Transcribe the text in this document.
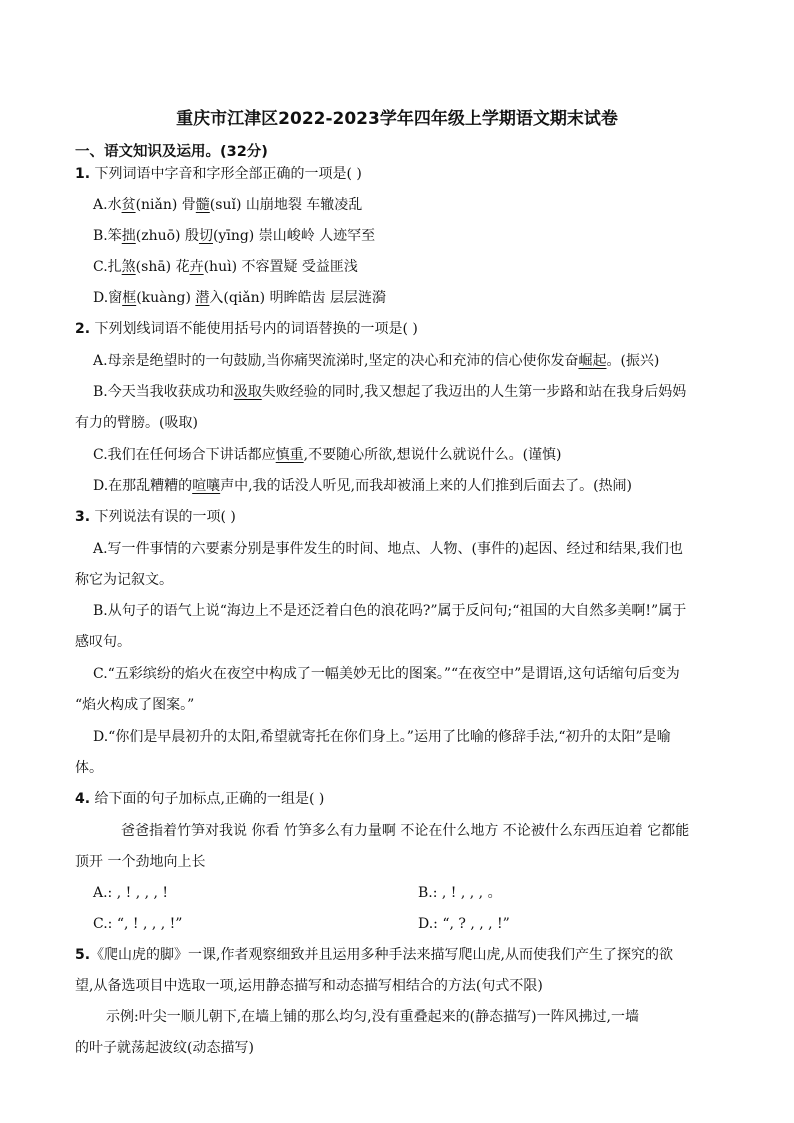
重庆市江津区2022-2023学年四年级上学期语文期末试卷
一、语文知识及运用。(32分)
1. 下列词语中字音和字形全部正确的一项是( )
A.水贫(niǎn) 骨髓(suǐ) 山崩地裂 车辙凌乱
B.笨拙(zhuō) 殷切(yīng) 崇山峻岭 人迹罕至
C.扎煞(shā) 花卉(huì) 不容置疑 受益匪浅
D.窗框(kuàng) 潜入(qiǎn) 明眸皓齿 层层涟漪
2. 下列划线词语不能使用括号内的词语替换的一项是( )
A.母亲是绝望时的一句鼓励,当你痛哭流涕时,坚定的决心和充沛的信心使你发奋崛起。(振兴)
B.今天当我收获成功和汲取失败经验的同时,我又想起了我迈出的人生第一步路和站在我身后妈妈
有力的臂膀。(吸取)
C.我们在任何场合下讲话都应慎重,不要随心所欲,想说什么就说什么。(谨慎)
D.在那乱糟糟的喧嚷声中,我的话没人听见,而我却被涌上来的人们推到后面去了。(热闹)
3. 下列说法有误的一项( )
A.写一件事情的六要素分别是事件发生的时间、地点、人物、(事件的)起因、经过和结果,我们也
称它为记叙文。
B.从句子的语气上说“海边上不是还泛着白色的浪花吗?”属于反问句;“祖国的大自然多美啊!”属于
感叹句。
C.“五彩缤纷的焰火在夜空中构成了一幅美妙无比的图案。”“在夜空中”是谓语,这句话缩句后变为
“焰火构成了图案。”
D.“你们是早晨初升的太阳,希望就寄托在你们身上。”运用了比喻的修辞手法,“初升的太阳”是喻
体。
4. 给下面的句子加标点,正确的一组是( )
爸爸指着竹笋对我说 你看 竹笋多么有力量啊 不论在什么地方 不论被什么东西压迫着 它都能
顶开 一个劲地向上长
A.: , ! , , , !	B.: , ! , , , 。
C.: “, ! , , , !”	D.: “, ? , , , !”
5.《爬山虎的脚》一课,作者观察细致并且运用多种手法来描写爬山虎,从而使我们产生了探究的欲
望,从备选项目中选取一项,运用静态描写和动态描写相结合的方法(句式不限)
示例:叶尖一顺儿朝下,在墙上铺的那么均匀,没有重叠起来的(静态描写)一阵风拂过,一墙
的叶子就荡起波纹(动态描写)
